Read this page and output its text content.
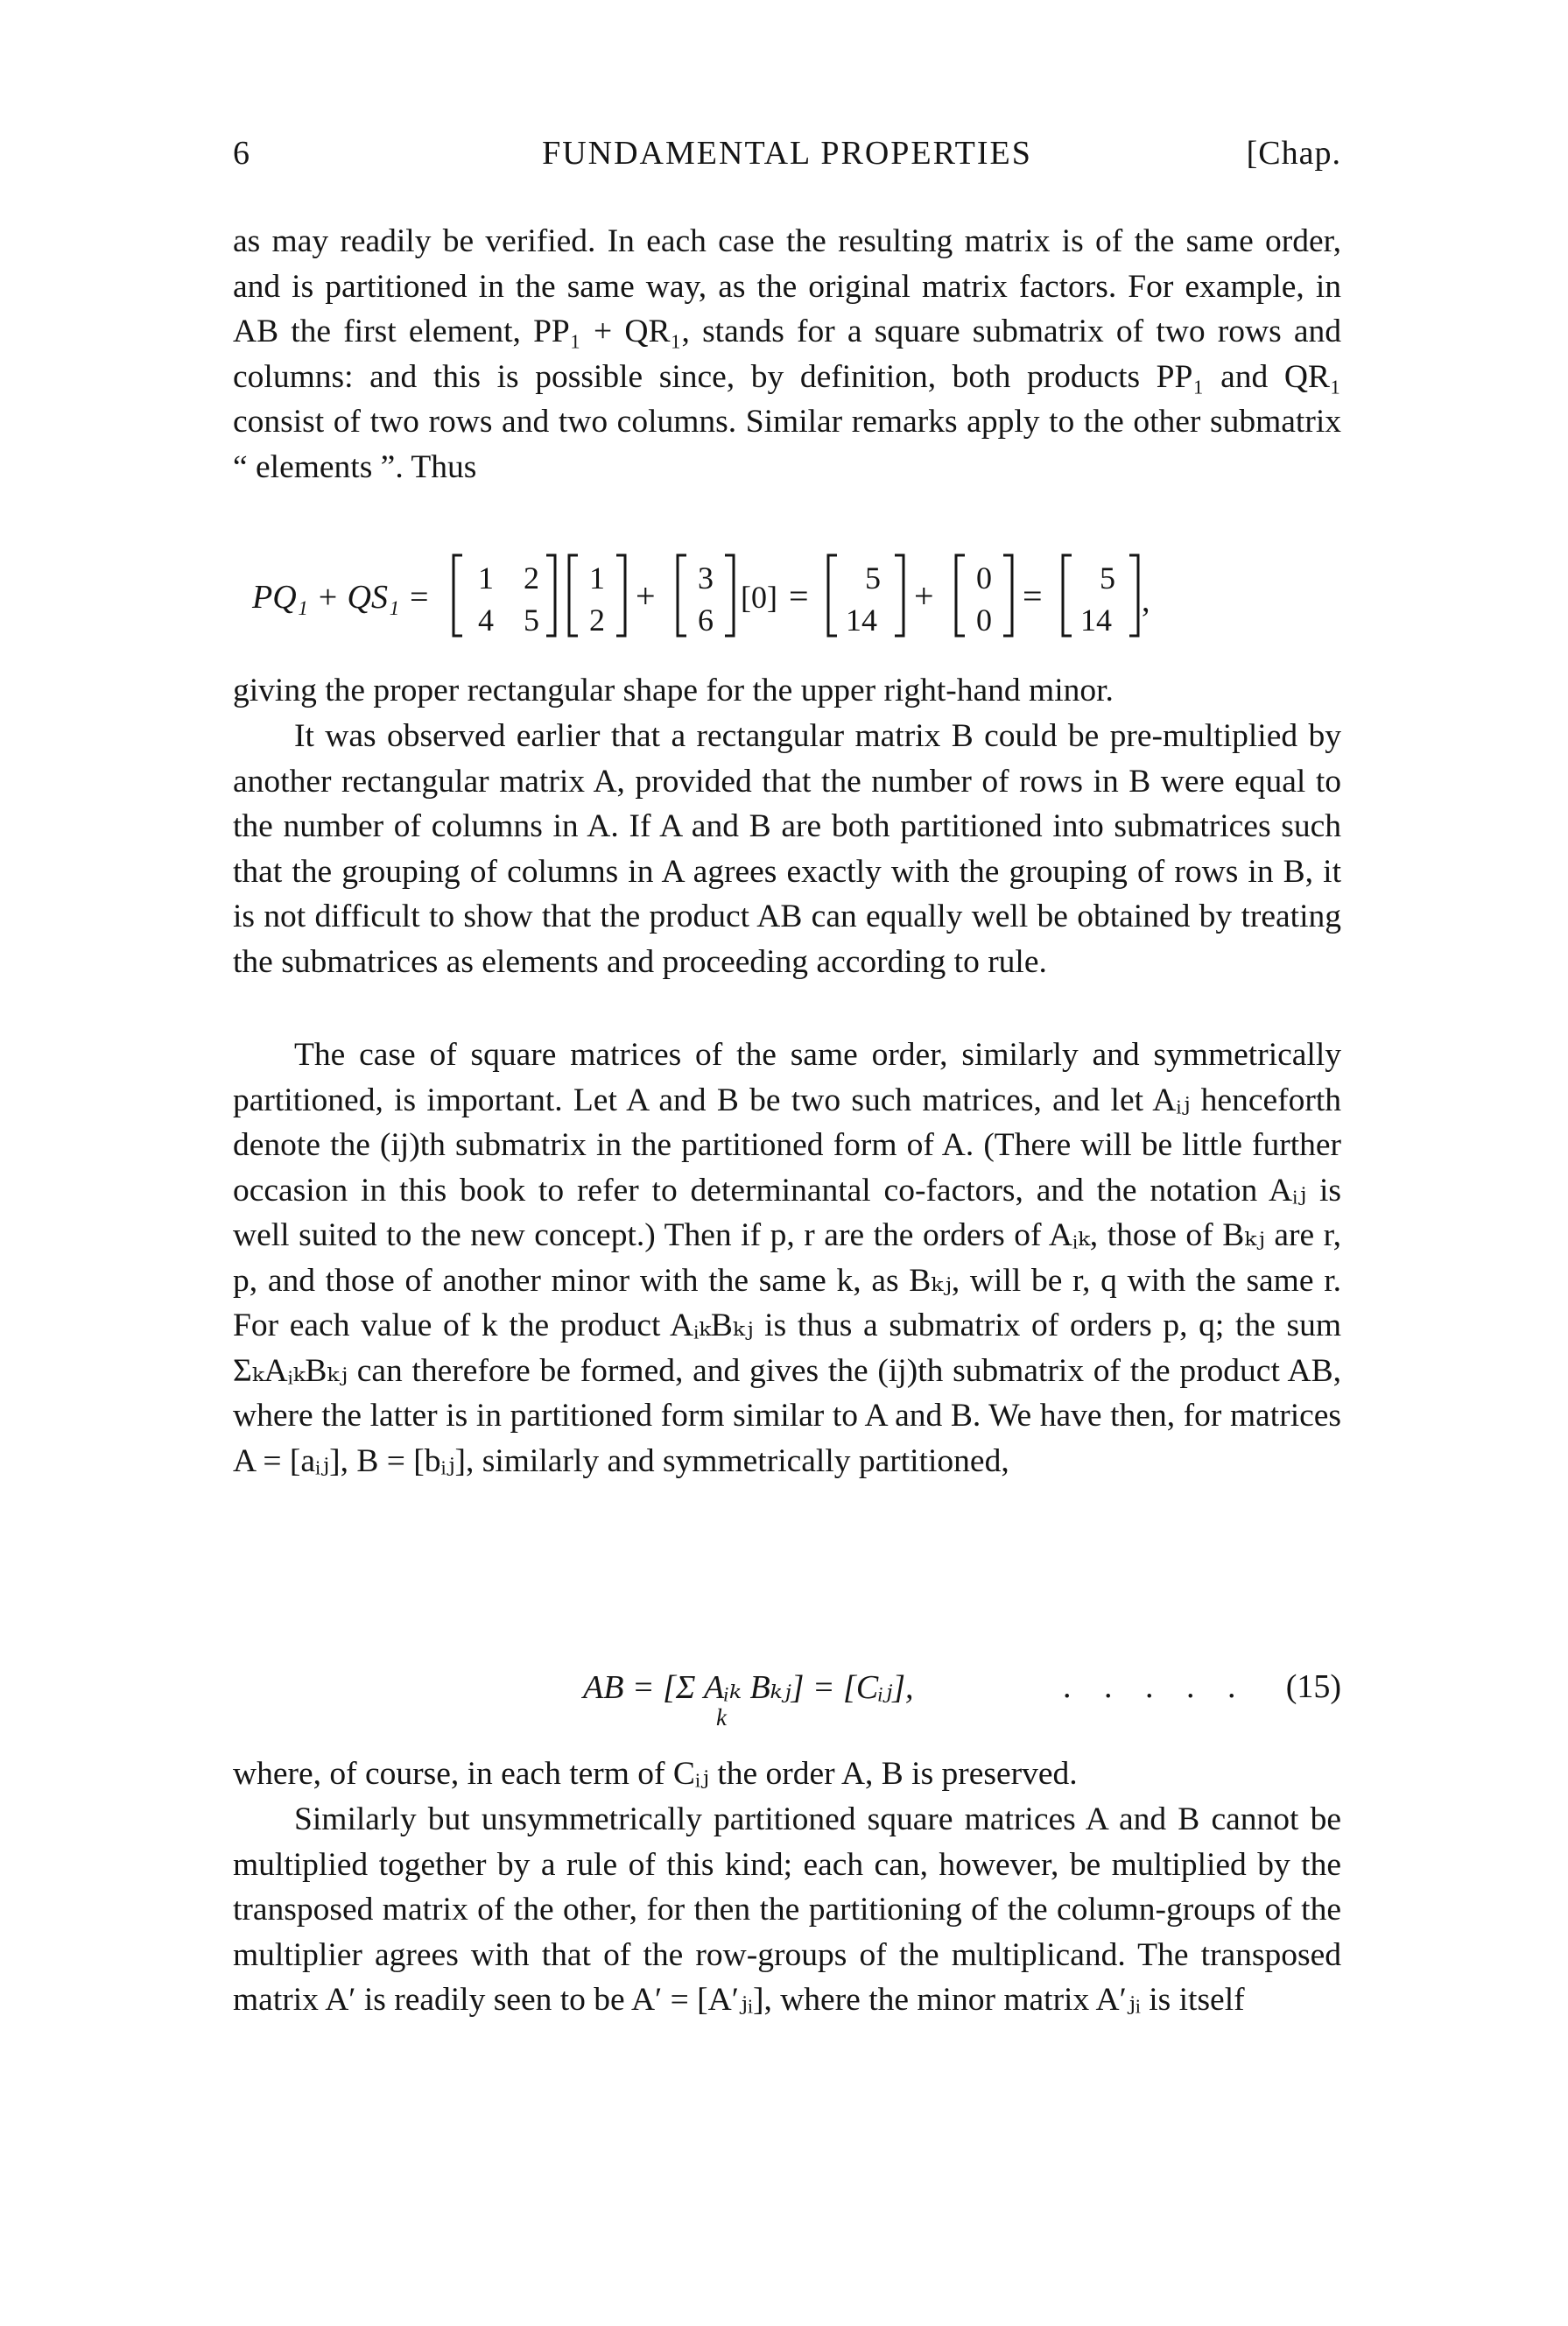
6	FUNDAMENTAL PROPERTIES	[Chap.

as may readily be verified. In each case the resulting matrix is of the same order, and is partitioned in the same way, as the original matrix factors. For example, in AB the first element, PP₁ + QR₁, stands for a square submatrix of two rows and columns: and this is possible since, by definition, both products PP₁ and QR₁ consist of two rows and two columns. Similar remarks apply to the other submatrix “ elements ”. Thus

PQ₁ + QS₁ =
1 2
4 5
1
2
+ 3
6
[0] = 5
14
+ 0
0
= 5
14
,

giving the proper rectangular shape for the upper right-hand minor.

It was observed earlier that a rectangular matrix B could be pre-multiplied by another rectangular matrix A, provided that the number of rows in B were equal to the number of columns in A. If A and B are both partitioned into submatrices such that the grouping of columns in A agrees exactly with the grouping of rows in B, it is not difficult to show that the product AB can equally well be obtained by treating the submatrices as elements and proceeding according to rule.

The case of square matrices of the same order, similarly and symmetrically partitioned, is important. Let A and B be two such matrices, and let Aᵢⱼ henceforth denote the (ij)th submatrix in the partitioned form of A. (There will be little further occasion in this book to refer to determinantal co-factors, and the notation Aᵢⱼ is well suited to the new concept.) Then if p, r are the orders of Aᵢₖ, those of Bₖⱼ are r, p, and those of another minor with the same k, as Bₖⱼ, will be r, q with the same r. For each value of k the product AᵢₖBₖⱼ is thus a submatrix of orders p, q; the sum ΣₖAᵢₖBₖⱼ can therefore be formed, and gives the (ij)th submatrix of the product AB, where the latter is in partitioned form similar to A and B. We have then, for matrices A = [aᵢⱼ], B = [bᵢⱼ], similarly and symmetrically partitioned,

AB = [Σ Aᵢₖ Bₖⱼ] = [Cᵢⱼ],
k
. . . . . (15)

where, of course, in each term of Cᵢⱼ the order A, B is preserved.

Similarly but unsymmetrically partitioned square matrices A and B cannot be multiplied together by a rule of this kind; each can, however, be multiplied by the transposed matrix of the other, for then the partitioning of the column-groups of the multiplier agrees with that of the row-groups of the multiplicand. The transposed matrix A′ is readily seen to be A′ = [A′ⱼᵢ], where the minor matrix A′ⱼᵢ is itself
